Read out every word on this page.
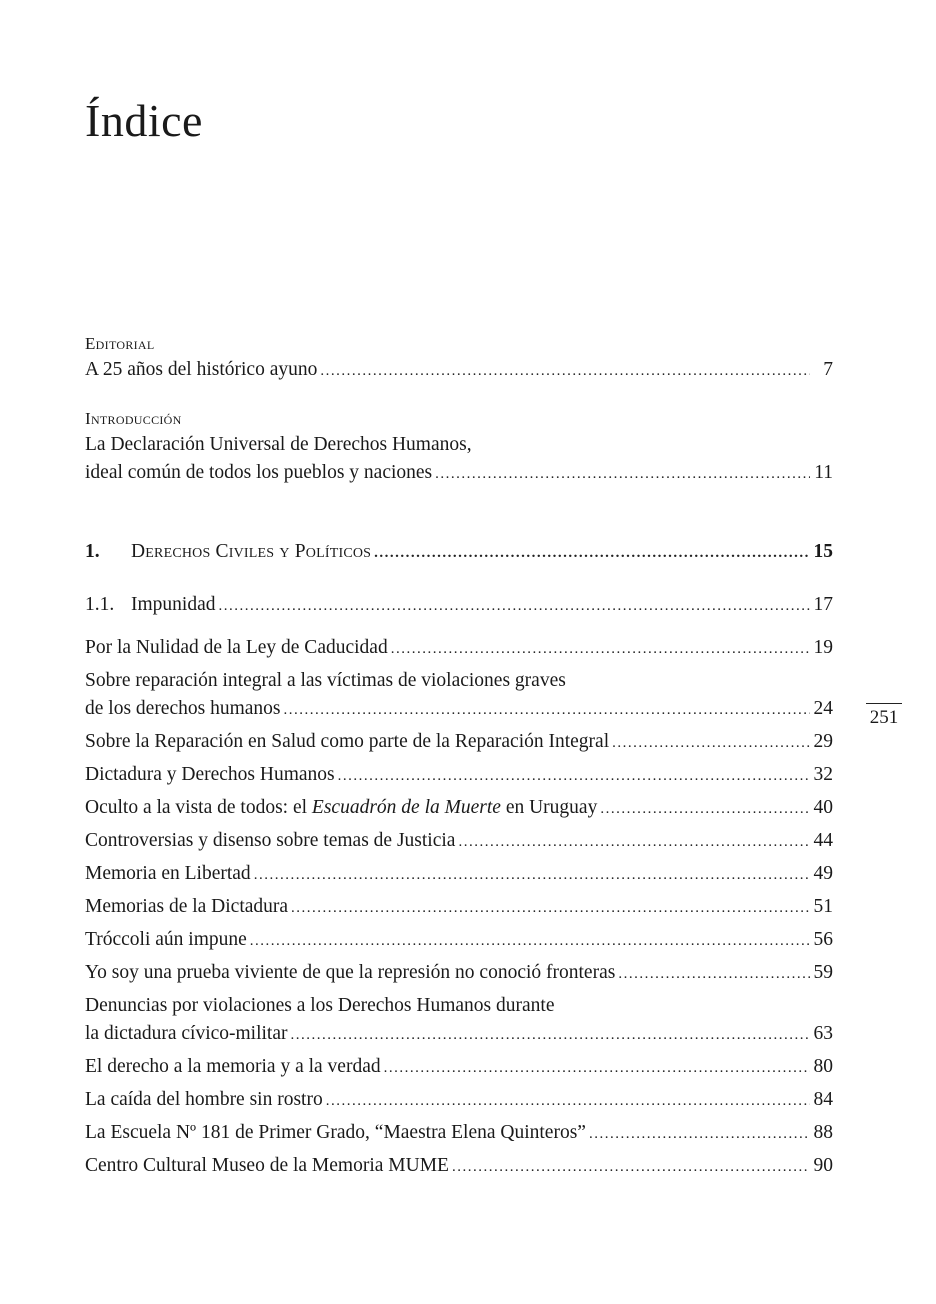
Índice
Editorial
A 25 años del histórico ayuno .....	7
Introducción
La Declaración Universal de Derechos Humanos,
ideal común de todos los pueblos y naciones .....	11
1. Derechos Civiles y Políticos .....	15
1.1. Impunidad .....	17
Por la Nulidad de la Ley de Caducidad .....	19
Sobre reparación integral a las víctimas de violaciones graves
de los derechos humanos .....	24
Sobre la Reparación en Salud como parte de la Reparación Integral .....	29
Dictadura y Derechos Humanos .....	32
Oculto a la vista de todos: el Escuadrón de la Muerte en Uruguay .....	40
Controversias y disenso sobre temas de Justicia .....	44
Memoria en Libertad .....	49
Memorias de la Dictadura .....	51
Tróccoli aún impune .....	56
Yo soy una prueba viviente de que la represión no conoció fronteras .....	59
Denuncias por violaciones a los Derechos Humanos durante
la dictadura cívico-militar .....	63
El derecho a la memoria y a la verdad .....	80
La caída del hombre sin rostro .....	84
La Escuela Nº 181 de Primer Grado, “Maestra Elena Quinteros” .....	88
Centro Cultural Museo de la Memoria MUME .....	90
251
